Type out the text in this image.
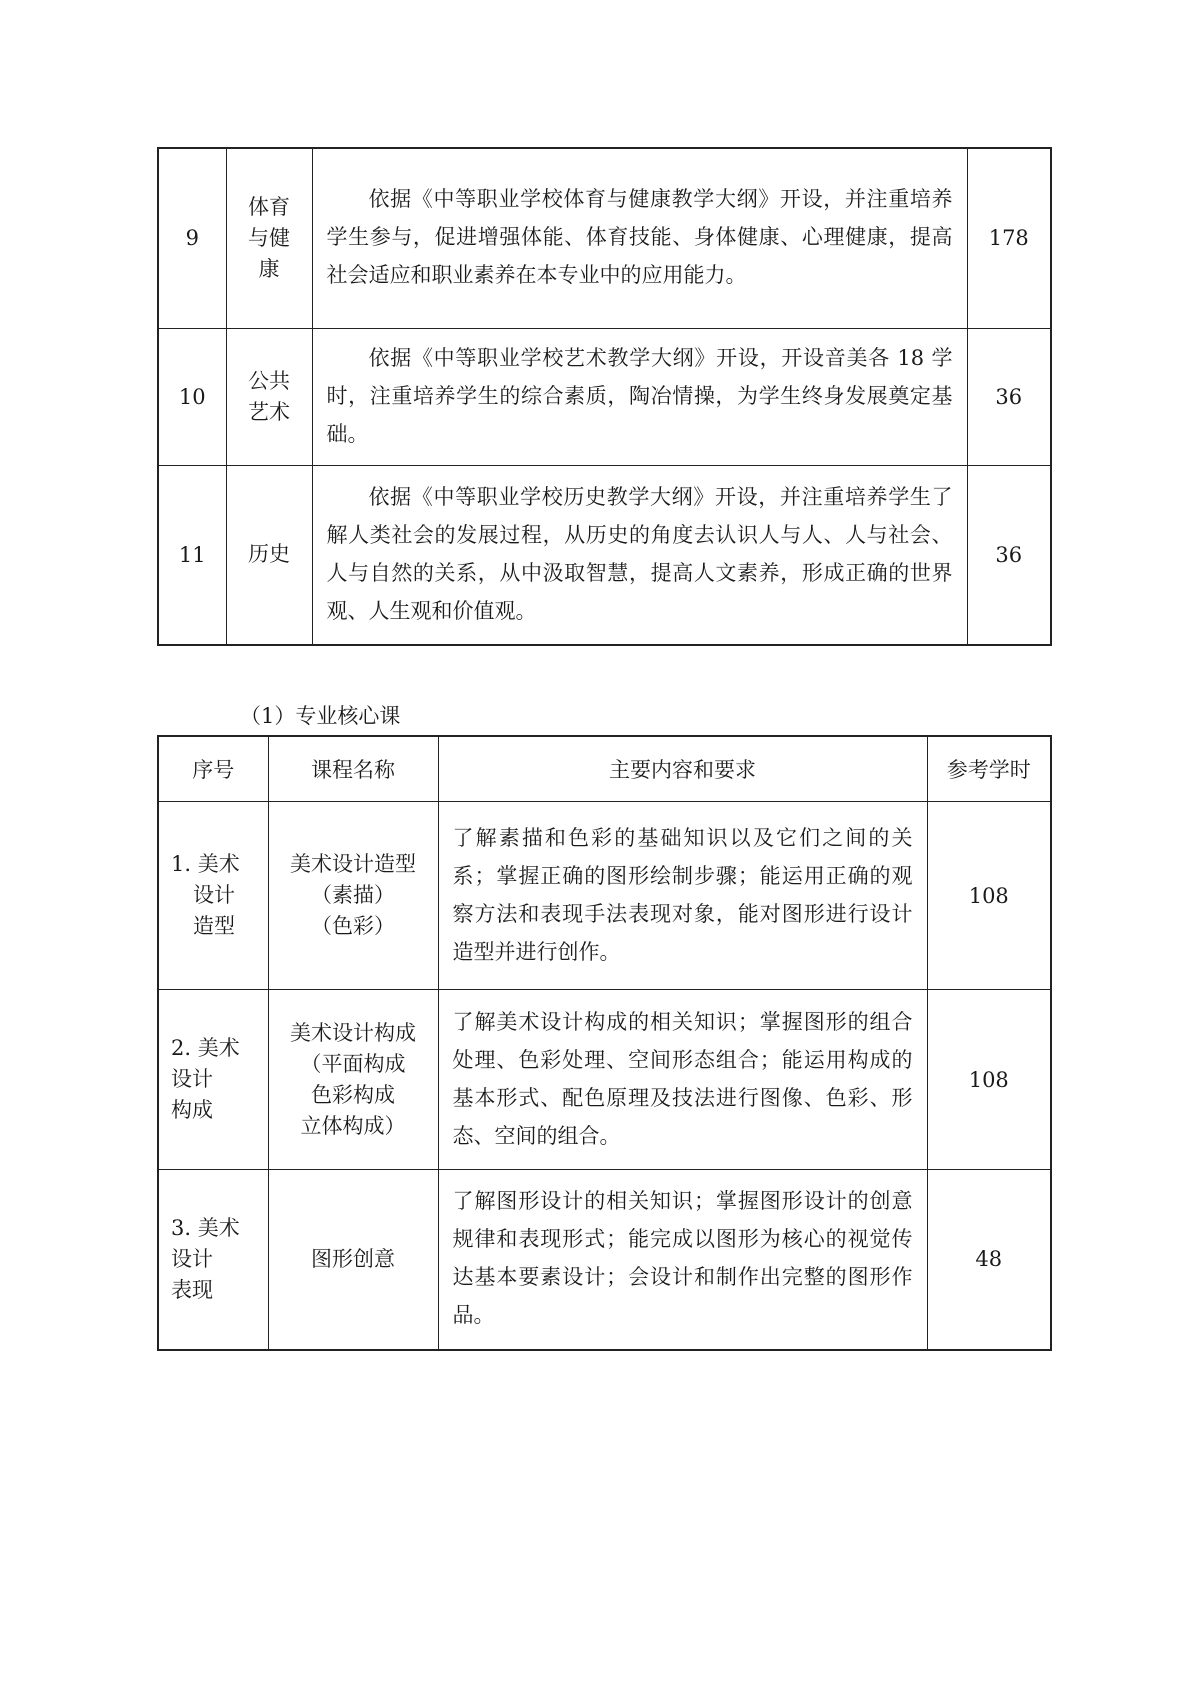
9	体育
与健
康	依据《中等职业学校体育与健康教学大纲》开设，并注重培养学生参与，促进增强体能、体育技能、身体健康、心理健康，提高社会适应和职业素养在本专业中的应用能力。	178
10	公共
艺术	依据《中等职业学校艺术教学大纲》开设，开设音美各 18 学时，注重培养学生的综合素质，陶冶情操，为学生终身发展奠定基础。	36
11	历史	依据《中等职业学校历史教学大纲》开设，并注重培养学生了解人类社会的发展过程，从历史的角度去认识人与人、人与社会、人与自然的关系，从中汲取智慧，提高人文素养，形成正确的世界观、人生观和价值观。	36
（1）专业核心课
序号	课程名称	主要内容和要求	参考学时

1. 美术
设计
造型	美术设计造型
（素描）
（色彩）	了解素描和色彩的基础知识以及它们之间的关系；掌握正确的图形绘制步骤；能运用正确的观察方法和表现手法表现对象，能对图形进行设计造型并进行创作。	108

2. 美术
设计
构成	美术设计构成
（平面构成
色彩构成
立体构成）	了解美术设计构成的相关知识；掌握图形的组合处理、色彩处理、空间形态组合；能运用构成的基本形式、配色原理及技法进行图像、色彩、形态、空间的组合。	108

3. 美术
设计
表现	图形创意	了解图形设计的相关知识；掌握图形设计的创意规律和表现形式；能完成以图形为核心的视觉传达基本要素设计；会设计和制作出完整的图形作品。	48
